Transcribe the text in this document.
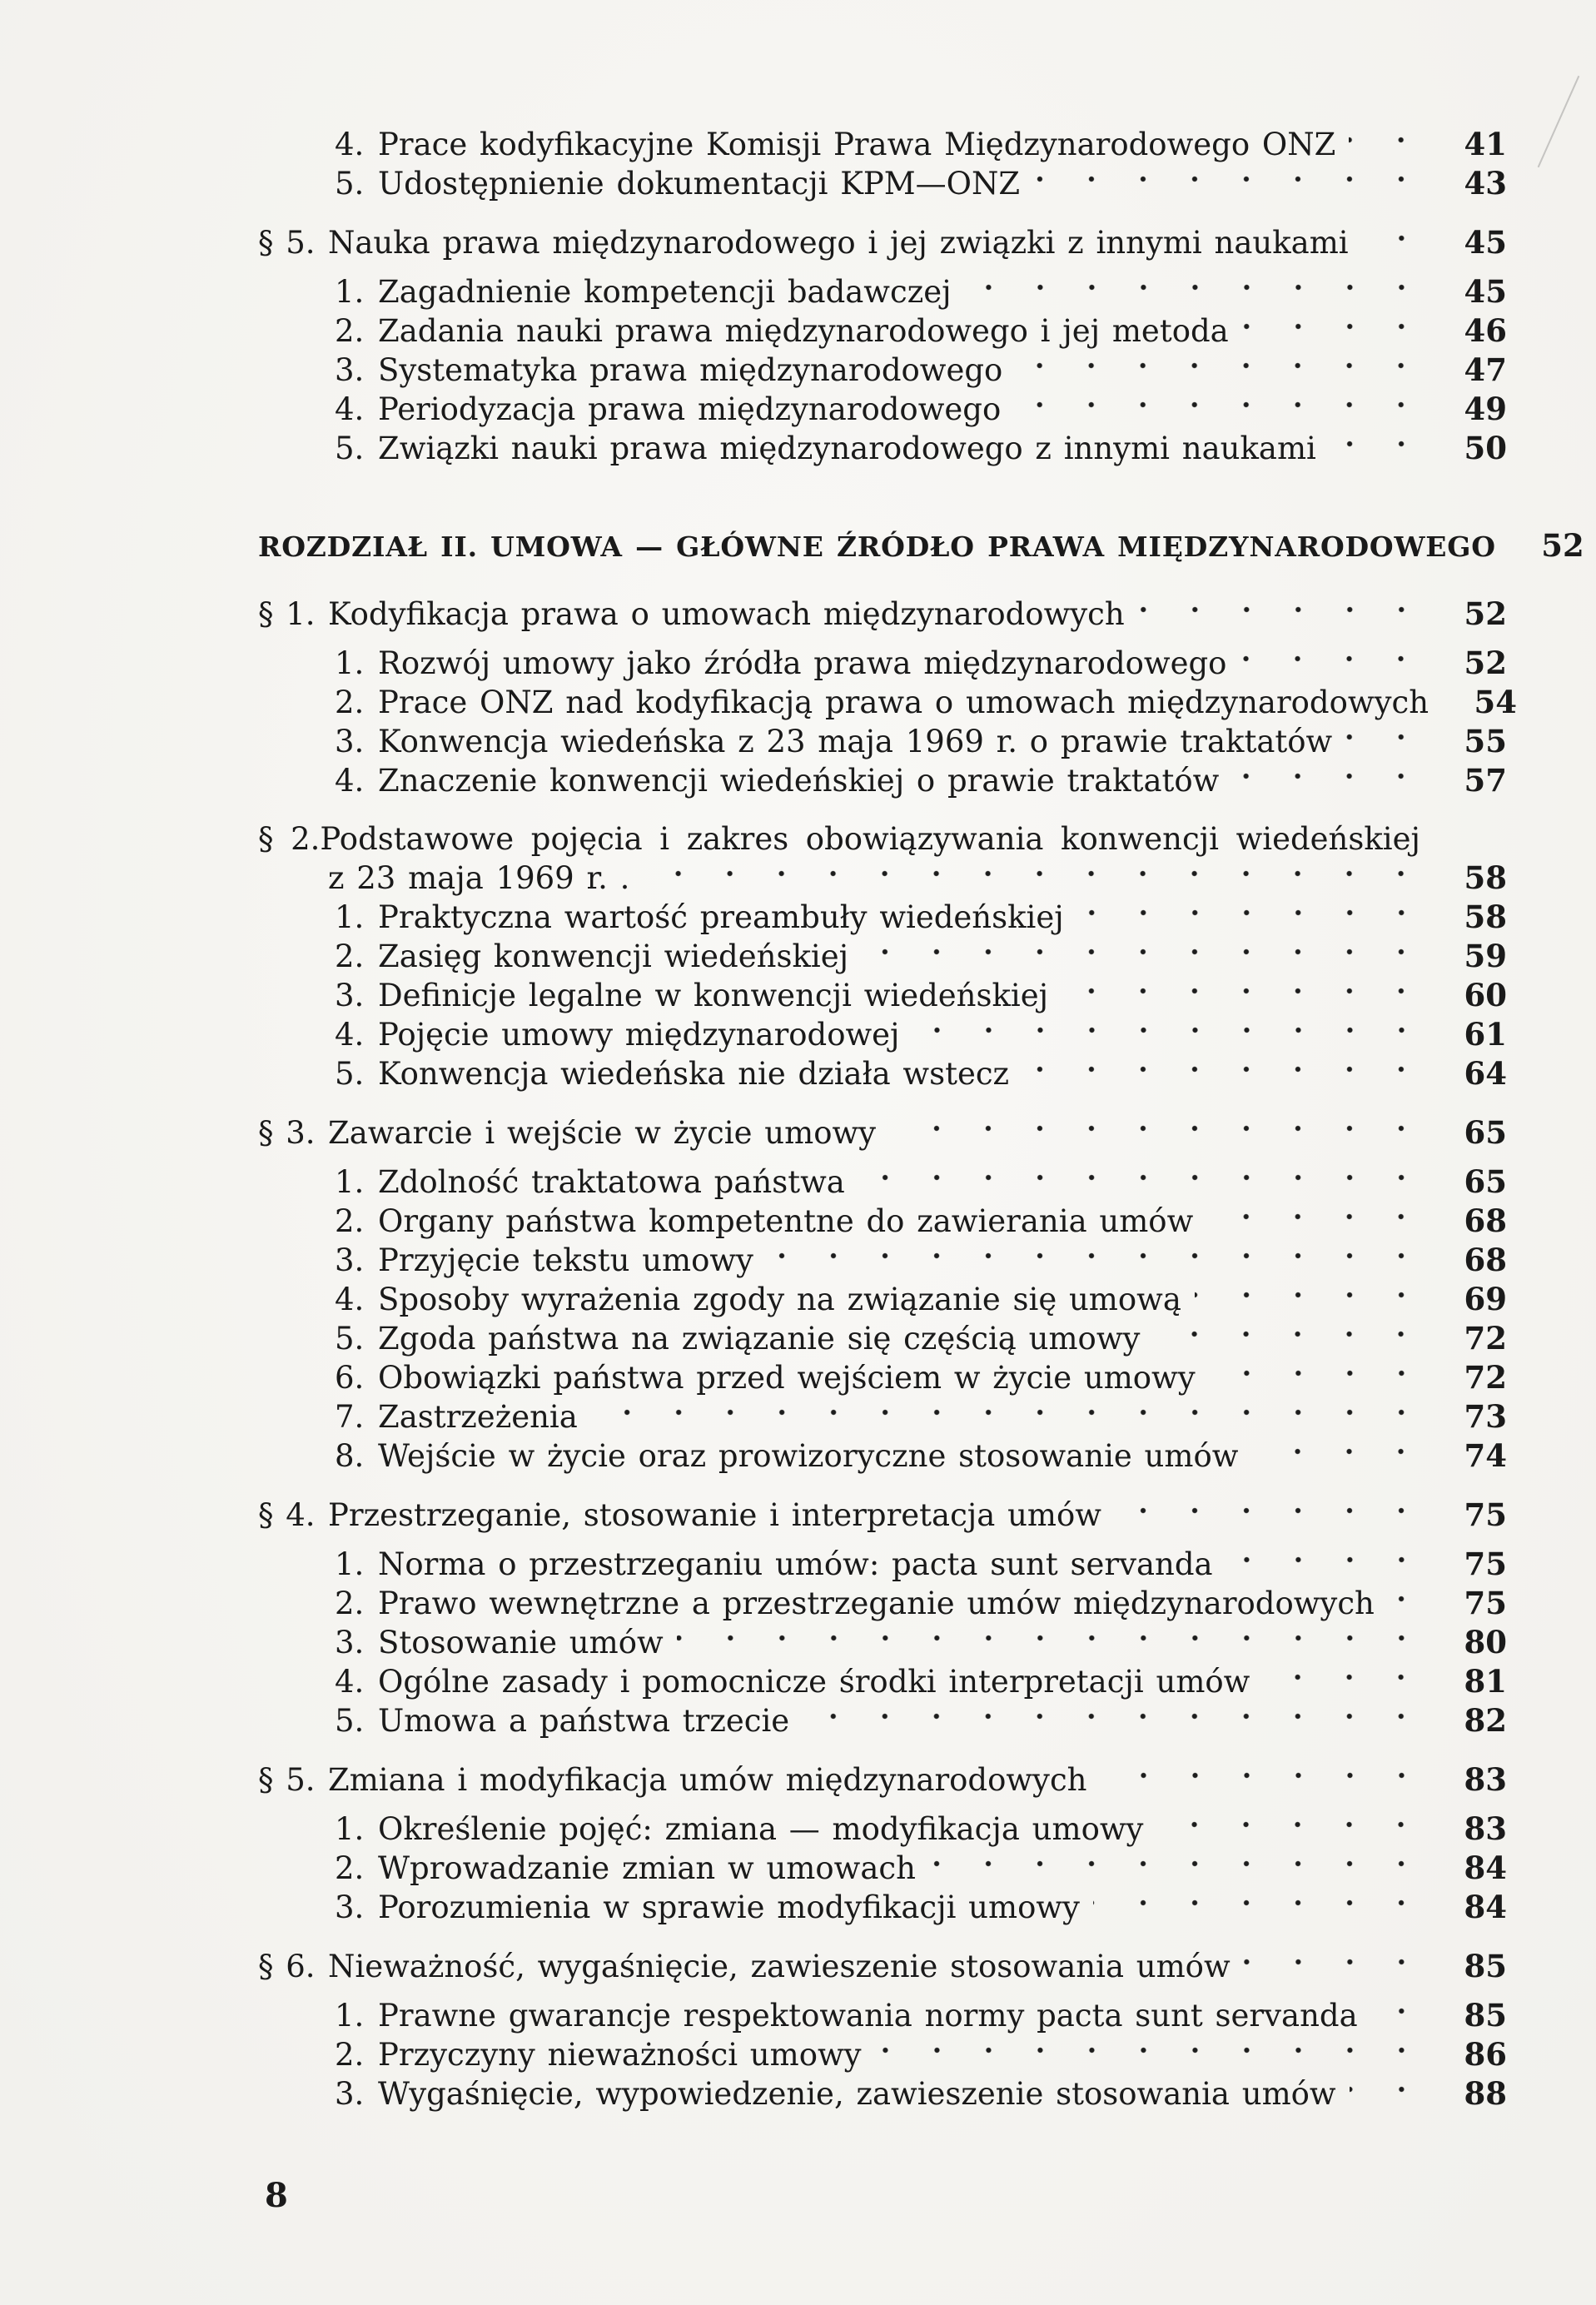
4. Prace kodyfikacyjne Komisji Prawa Międzynarodowego ONZ	41
5. Udostępnienie dokumentacji KPM—ONZ	43
§ 5. Nauka prawa międzynarodowego i jej związki z innymi naukami	45
1. Zagadnienie kompetencji badawczej	45
2. Zadania nauki prawa międzynarodowego i jej metoda	46
3. Systematyka prawa międzynarodowego	47
4. Periodyzacja prawa międzynarodowego	49
5. Związki nauki prawa międzynarodowego z innymi naukami	50
ROZDZIAŁ II. UMOWA — GŁÓWNE ŹRÓDŁO PRAWA MIĘDZYNARODOWEGO	52
§ 1. Kodyfikacja prawa o umowach międzynarodowych	52
1. Rozwój umowy jako źródła prawa międzynarodowego	52
2. Prace ONZ nad kodyfikacją prawa o umowach międzynarodowych	54
3. Konwencja wiedeńska z 23 maja 1969 r. o prawie traktatów	55
4. Znaczenie konwencji wiedeńskiej o prawie traktatów	57
§ 2.Podstawowe pojęcia i zakres obowiązywania konwencji wiedeńskiej
z 23 maja 1969 r. .	58
1. Praktyczna wartość preambuły wiedeńskiej	58
2. Zasięg konwencji wiedeńskiej	59
3. Definicje legalne w konwencji wiedeńskiej	60
4. Pojęcie umowy międzynarodowej	61
5. Konwencja wiedeńska nie działa wstecz	64
§ 3. Zawarcie i wejście w życie umowy	65
1. Zdolność traktatowa państwa	65
2. Organy państwa kompetentne do zawierania umów	68
3. Przyjęcie tekstu umowy	68
4. Sposoby wyrażenia zgody na związanie się umową	69
5. Zgoda państwa na związanie się częścią umowy	72
6. Obowiązki państwa przed wejściem w życie umowy	72
7. Zastrzeżenia	73
8. Wejście w życie oraz prowizoryczne stosowanie umów	74
§ 4. Przestrzeganie, stosowanie i interpretacja umów	75
1. Norma o przestrzeganiu umów: pacta sunt servanda	75
2. Prawo wewnętrzne a przestrzeganie umów międzynarodowych	75
3. Stosowanie umów	80
4. Ogólne zasady i pomocnicze środki interpretacji umów	81
5. Umowa a państwa trzecie	82
§ 5. Zmiana i modyfikacja umów międzynarodowych	83
1. Określenie pojęć: zmiana — modyfikacja umowy	83
2. Wprowadzanie zmian w umowach	84
3. Porozumienia w sprawie modyfikacji umowy	84
§ 6. Nieważność, wygaśnięcie, zawieszenie stosowania umów	85
1. Prawne gwarancje respektowania normy pacta sunt servanda	85
2. Przyczyny nieważności umowy	86
3. Wygaśnięcie, wypowiedzenie, zawieszenie stosowania umów	88
8
